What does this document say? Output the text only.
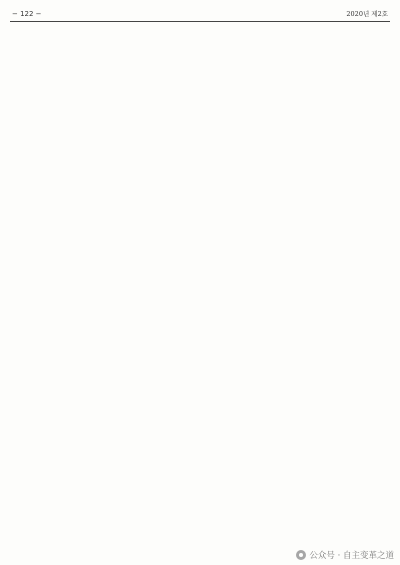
− 122 −	2020년 제2호

公众号 · 自主变革之道
